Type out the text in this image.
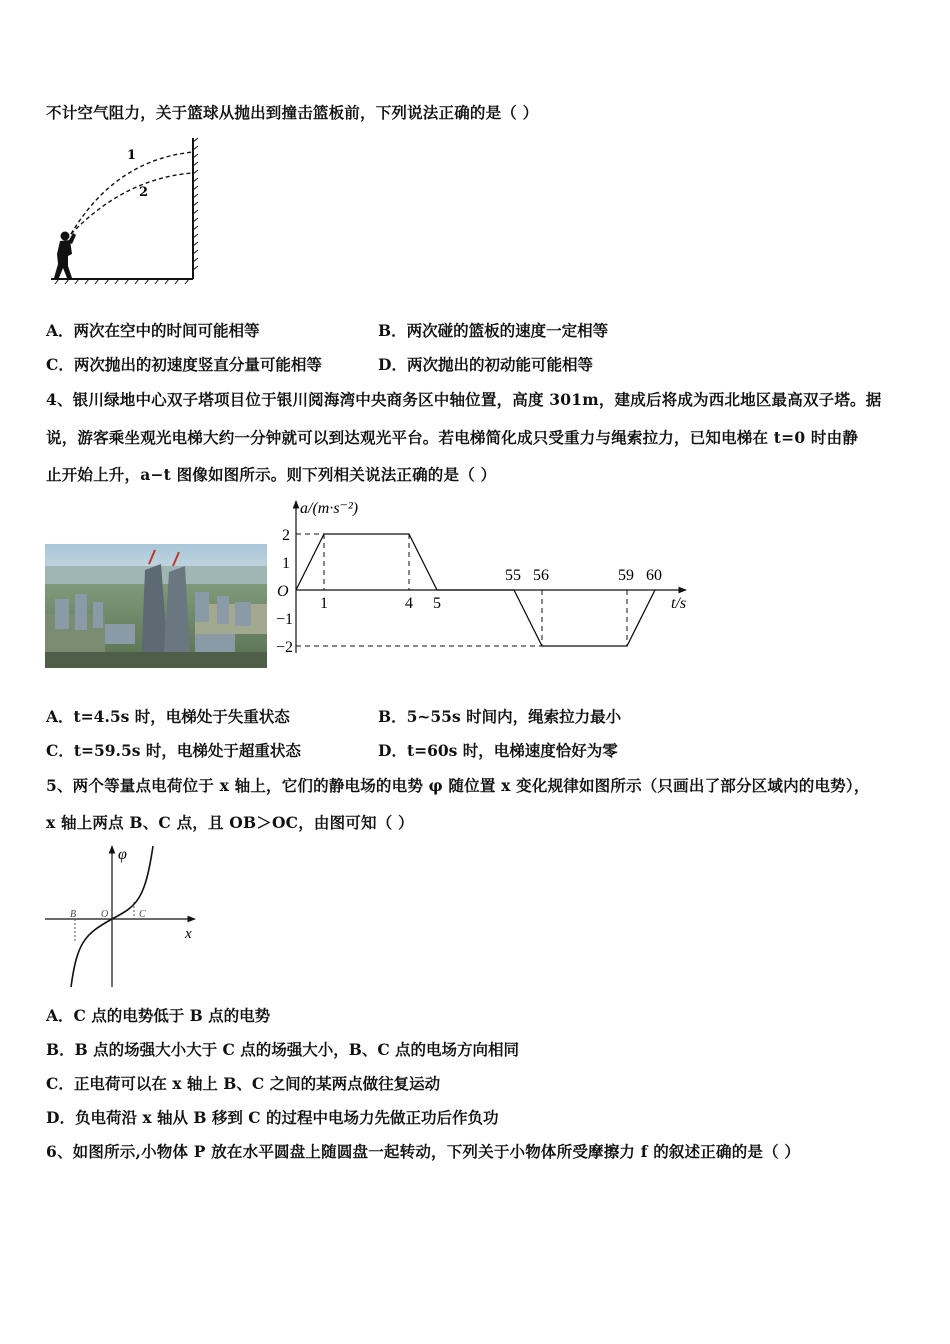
不计空气阻力，关于篮球从抛出到撞击篮板前，下列说法正确的是（ ）
1
2
A．两次在空中的时间可能相等	B．两次碰的篮板的速度一定相等
C．两次抛出的初速度竖直分量可能相等	D．两次抛出的初动能可能相等
4、银川绿地中心双子塔项目位于银川阅海湾中央商务区中轴位置，高度 301m，建成后将成为西北地区最高双子塔。据
说，游客乘坐观光电梯大约一分钟就可以到达观光平台。若电梯简化成只受重力与绳索拉力，已知电梯在 t=0 时由静
止开始上升，a−t 图像如图所示。则下列相关说法正确的是（ ）
a/(m·s⁻²)
t/s
O
2
1
−1
−2
1	4 5
55 56	59 60
A．t=4.5s 时，电梯处于失重状态	B．5~55s 时间内，绳索拉力最小
C．t=59.5s 时，电梯处于超重状态	D．t=60s 时，电梯速度恰好为零
5、两个等量点电荷位于 x 轴上，它们的静电场的电势 φ 随位置 x 变化规律如图所示（只画出了部分区域内的电势），
x 轴上两点 B、C 点，且 OB＞OC，由图可知（ ）
φ
x
B O	C
A．C 点的电势低于 B 点的电势
B．B 点的场强大小大于 C 点的场强大小，B、C 点的电场方向相同
C．正电荷可以在 x 轴上 B、C 之间的某两点做往复运动
D．负电荷沿 x 轴从 B 移到 C 的过程中电场力先做正功后作负功
6、如图所示,小物体 P 放在水平圆盘上随圆盘一起转动，下列关于小物体所受摩擦力 f 的叙述正确的是（ ）
